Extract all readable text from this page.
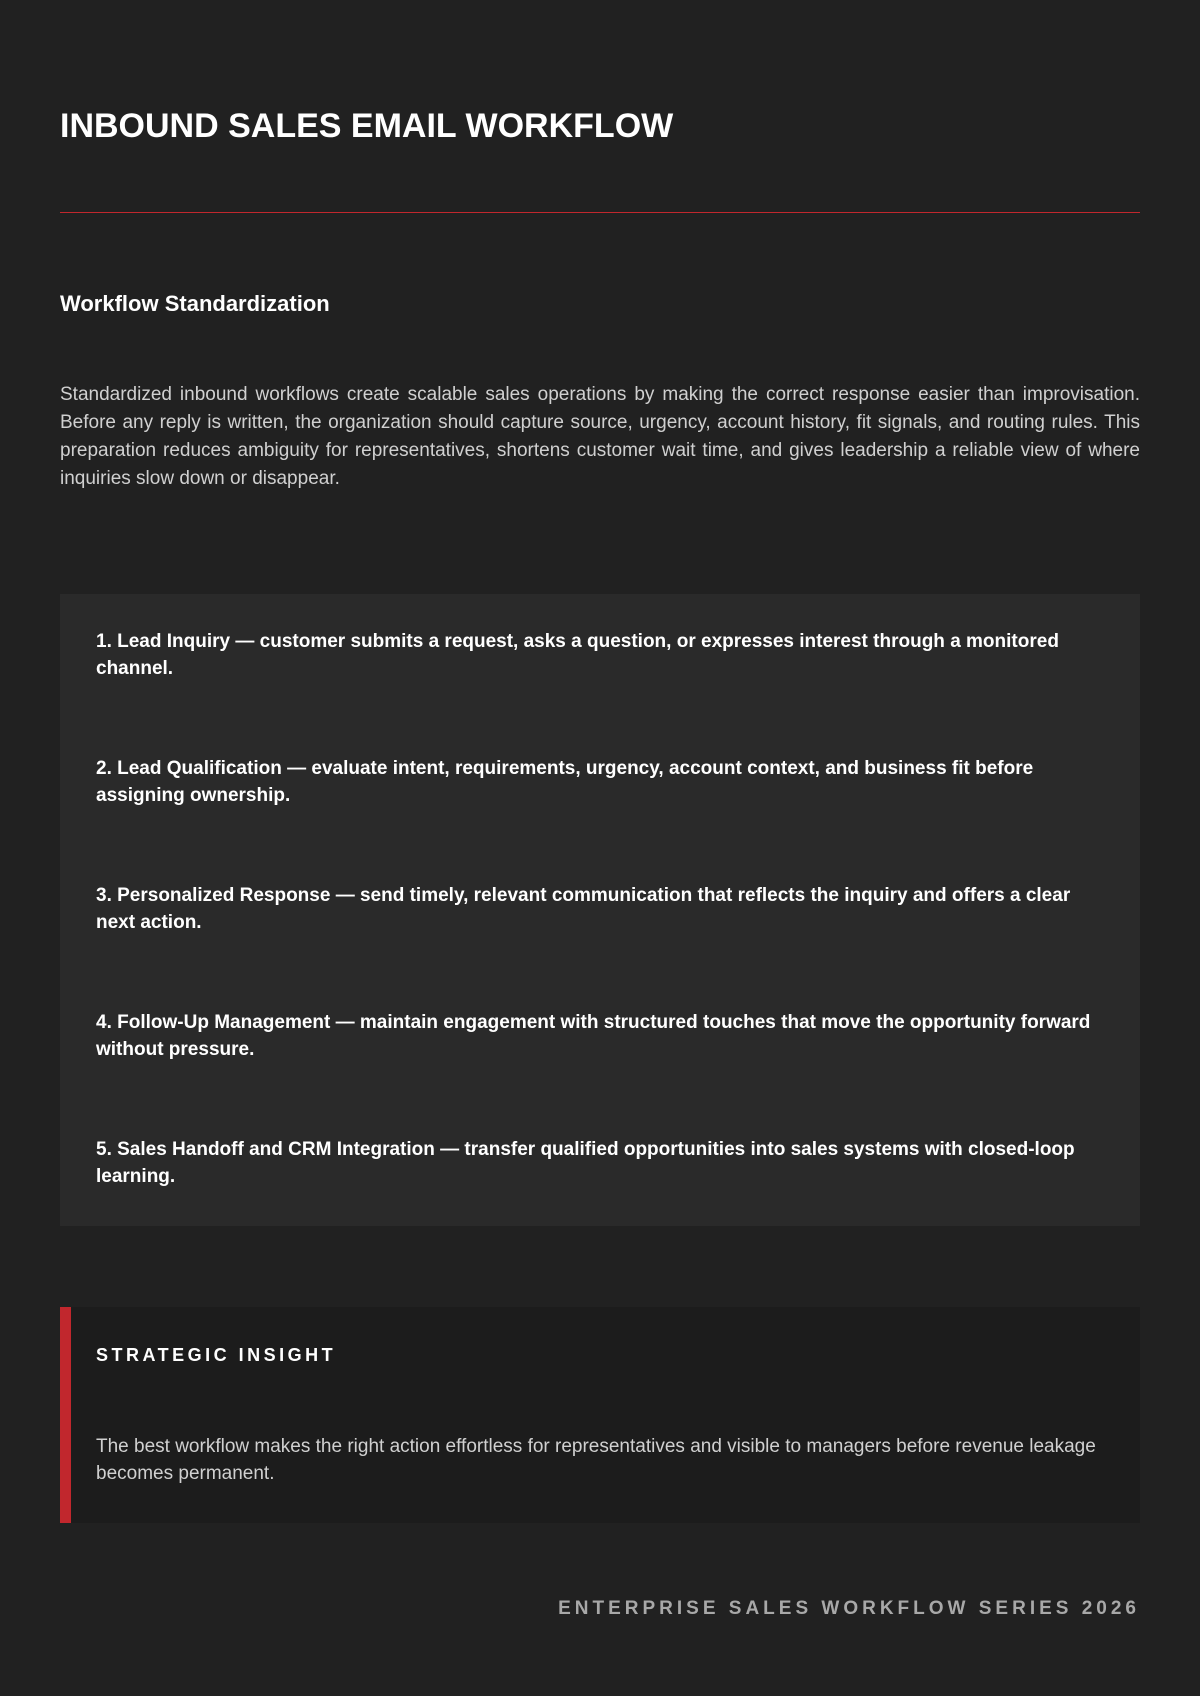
INBOUND SALES EMAIL WORKFLOW
Workflow Standardization

Standardized inbound workflows create scalable sales operations by making the correct response easier than improvisation. Before any reply is written, the organization should capture source, urgency, account history, fit signals, and routing rules. This preparation reduces ambiguity for representatives, shortens customer wait time, and gives leadership a reliable view of where inquiries slow down or disappear.

1. Lead Inquiry — customer submits a request, asks a question, or expresses interest through a monitored channel.

2. Lead Qualification — evaluate intent, requirements, urgency, account context, and business fit before assigning ownership.

3. Personalized Response — send timely, relevant communication that reflects the inquiry and offers a clear next action.

4. Follow-Up Management — maintain engagement with structured touches that move the opportunity forward without pressure.

5. Sales Handoff and CRM Integration — transfer qualified opportunities into sales systems with closed-loop learning.

STRATEGIC INSIGHT

The best workflow makes the right action effortless for representatives and visible to managers before revenue leakage becomes permanent.

ENTERPRISE SALES WORKFLOW SERIES 2026
